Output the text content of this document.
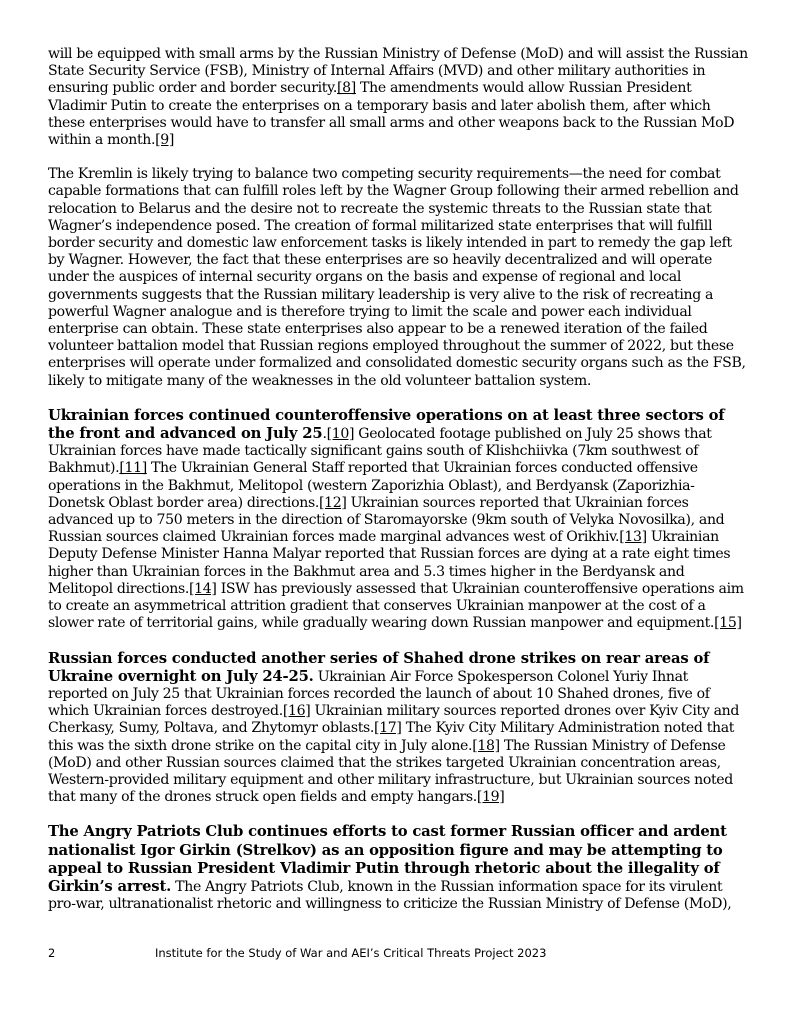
will be equipped with small arms by the Russian Ministry of Defense (MoD) and will assist the Russian State Security Service (FSB), Ministry of Internal Affairs (MVD) and other military authorities in ensuring public order and border security.[8] The amendments would allow Russian President Vladimir Putin to create the enterprises on a temporary basis and later abolish them, after which these enterprises would have to transfer all small arms and other weapons back to the Russian MoD within a month.[9]

The Kremlin is likely trying to balance two competing security requirements—the need for combat capable formations that can fulfill roles left by the Wagner Group following their armed rebellion and relocation to Belarus and the desire not to recreate the systemic threats to the Russian state that Wagner’s independence posed. The creation of formal militarized state enterprises that will fulfill border security and domestic law enforcement tasks is likely intended in part to remedy the gap left by Wagner. However, the fact that these enterprises are so heavily decentralized and will operate under the auspices of internal security organs on the basis and expense of regional and local governments suggests that the Russian military leadership is very alive to the risk of recreating a powerful Wagner analogue and is therefore trying to limit the scale and power each individual enterprise can obtain. These state enterprises also appear to be a renewed iteration of the failed volunteer battalion model that Russian regions employed throughout the summer of 2022, but these enterprises will operate under formalized and consolidated domestic security organs such as the FSB, likely to mitigate many of the weaknesses in the old volunteer battalion system.

Ukrainian forces continued counteroffensive operations on at least three sectors of the front and advanced on July 25.[10] Geolocated footage published on July 25 shows that Ukrainian forces have made tactically significant gains south of Klishchiivka (7km southwest of Bakhmut).[11] The Ukrainian General Staff reported that Ukrainian forces conducted offensive operations in the Bakhmut, Melitopol (western Zaporizhia Oblast), and Berdyansk (Zaporizhia-Donetsk Oblast border area) directions.[12] Ukrainian sources reported that Ukrainian forces advanced up to 750 meters in the direction of Staromayorske (9km south of Velyka Novosilka), and Russian sources claimed Ukrainian forces made marginal advances west of Orikhiv.[13] Ukrainian Deputy Defense Minister Hanna Malyar reported that Russian forces are dying at a rate eight times higher than Ukrainian forces in the Bakhmut area and 5.3 times higher in the Berdyansk and Melitopol directions.[14] ISW has previously assessed that Ukrainian counteroffensive operations aim to create an asymmetrical attrition gradient that conserves Ukrainian manpower at the cost of a slower rate of territorial gains, while gradually wearing down Russian manpower and equipment.[15]

Russian forces conducted another series of Shahed drone strikes on rear areas of Ukraine overnight on July 24-25. Ukrainian Air Force Spokesperson Colonel Yuriy Ihnat reported on July 25 that Ukrainian forces recorded the launch of about 10 Shahed drones, five of which Ukrainian forces destroyed.[16] Ukrainian military sources reported drones over Kyiv City and Cherkasy, Sumy, Poltava, and Zhytomyr oblasts.[17] The Kyiv City Military Administration noted that this was the sixth drone strike on the capital city in July alone.[18] The Russian Ministry of Defense (MoD) and other Russian sources claimed that the strikes targeted Ukrainian concentration areas, Western-provided military equipment and other military infrastructure, but Ukrainian sources noted that many of the drones struck open fields and empty hangars.[19]

The Angry Patriots Club continues efforts to cast former Russian officer and ardent nationalist Igor Girkin (Strelkov) as an opposition figure and may be attempting to appeal to Russian President Vladimir Putin through rhetoric about the illegality of Girkin’s arrest. The Angry Patriots Club, known in the Russian information space for its virulent pro-war, ultranationalist rhetoric and willingness to criticize the Russian Ministry of Defense (MoD),

2	Institute for the Study of War and AEI’s Critical Threats Project 2023
